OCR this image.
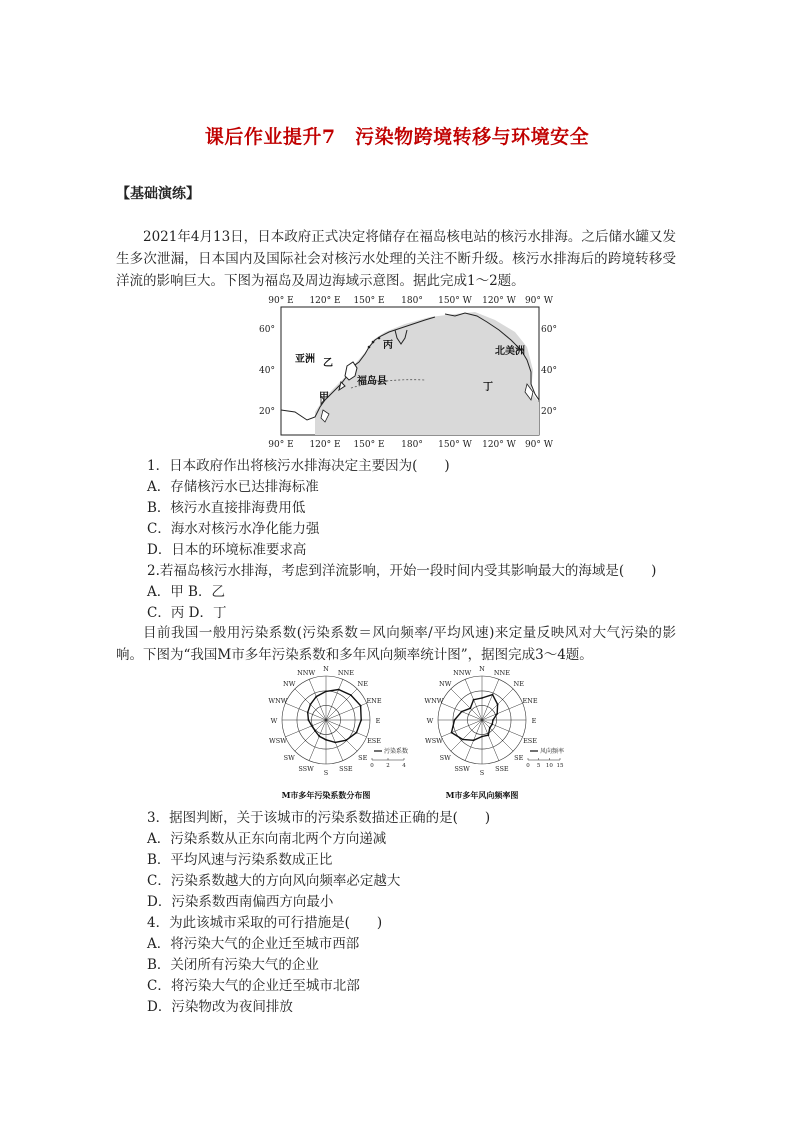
课后作业提升7　污染物跨境转移与环境安全
【基础演练】
2021年4月13日，日本政府正式决定将储存在福岛核电站的核污水排海。之后储水罐又发生多次泄漏，日本国内及国际社会对核污水处理的关注不断升级。核污水排海后的跨境转移受洋流的影响巨大。下图为福岛及周边海域示意图。据此完成1～2题。
90° E 120° E 150° E 180° 150° W 120° W 90° W
90° E 120° E 150° E 180° 150° W 120° W 90° W
60°
40°
20°
60°
40°
20°
亚洲
北美洲
福岛县
甲
乙
丙
丁
1．日本政府作出将核污水排海决定主要因为(　　)
A．存储核污水已达排海标准
B．核污水直接排海费用低
C．海水对核污水净化能力强
D．日本的环境标准要求高
2.若福岛核污水排海，考虑到洋流影响，开始一段时间内受其影响最大的海域是(　　)
A．甲 B．乙
C．丙 D．丁
目前我国一般用污染系数(污染系数＝风向频率/平均风速)来定量反映风对大气污染的影响。下图为“我国M市多年污染系数和多年风向频率统计图”，据图完成3～4题。
N NNE
NE
ENE
E
ESE
SE
SSE
S
SSW
SW
WSW
W
WNW
NW
NNW
污染系数
0 2 4
M市多年污染系数分布图
N NNE
NE
ENE
E
ESE
SE
SSE
S
SSW
SW
WSW
W
WNW
NW
NNW
风向频率
0 5 10 15
M市多年风向频率图
3．据图判断，关于该城市的污染系数描述正确的是(　　)
A．污染系数从正东向南北两个方向递减
B．平均风速与污染系数成正比
C．污染系数越大的方向风向频率必定越大
D．污染系数西南偏西方向最小
4．为此该城市采取的可行措施是(　　)
A．将污染大气的企业迁至城市西部
B．关闭所有污染大气的企业
C．将污染大气的企业迁至城市北部
D．污染物改为夜间排放
